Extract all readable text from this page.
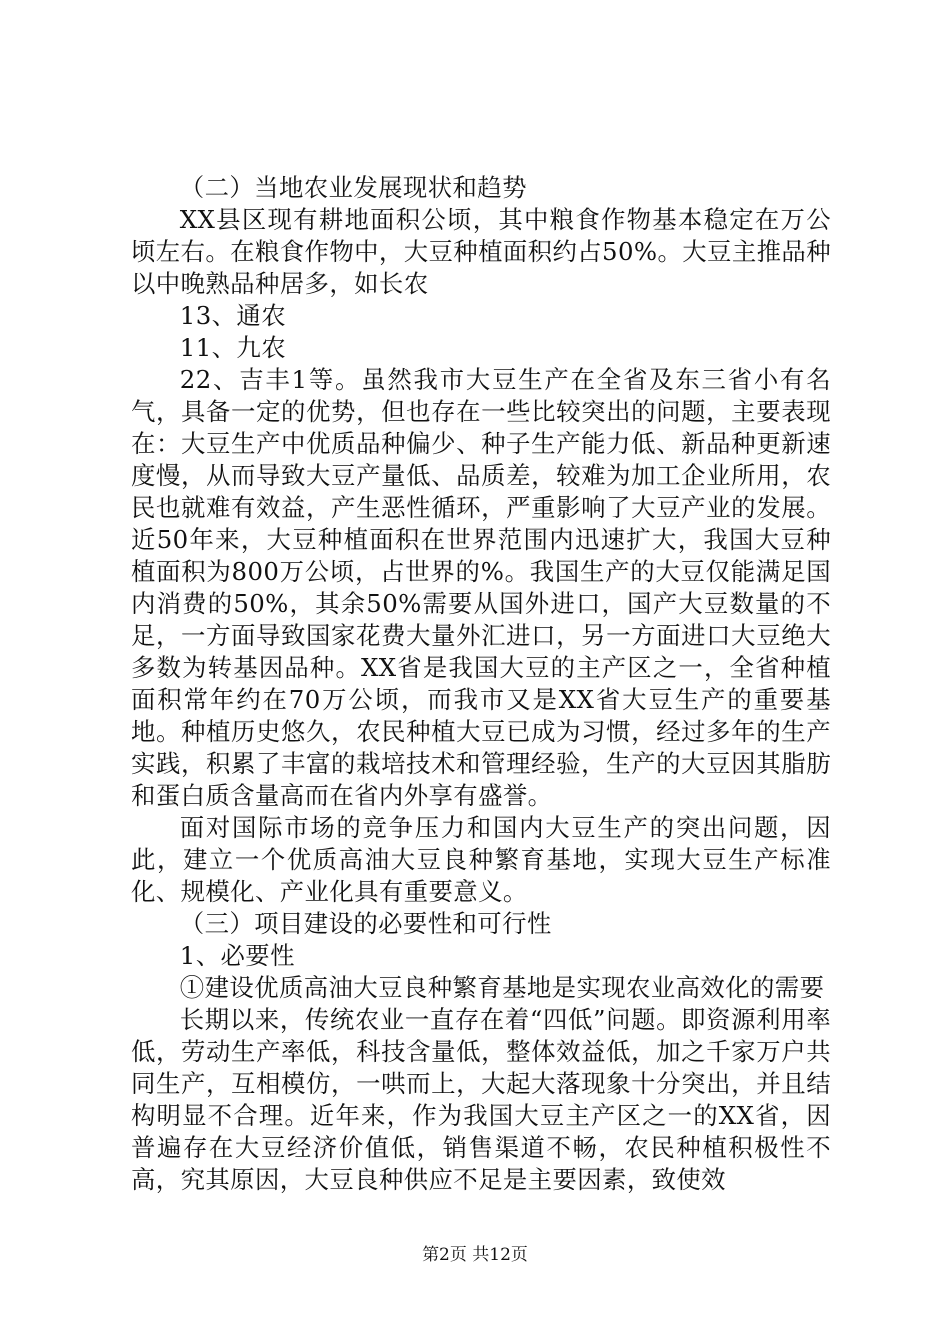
（二）当地农业发展现状和趋势

XX县区现有耕地面积公顷，其中粮食作物基本稳定在万公顷左右。在粮食作物中，大豆种植面积约占50%。大豆主推品种以中晚熟品种居多，如长农

13、通农

11、九农

22、吉丰1等。虽然我市大豆生产在全省及东三省小有名气，具备一定的优势，但也存在一些比较突出的问题，主要表现在：大豆生产中优质品种偏少、种子生产能力低、新品种更新速度慢，从而导致大豆产量低、品质差，较难为加工企业所用，农民也就难有效益，产生恶性循环，严重影响了大豆产业的发展。近50年来，大豆种植面积在世界范围内迅速扩大，我国大豆种植面积为800万公顷，占世界的%。我国生产的大豆仅能满足国内消费的50%，其余50%需要从国外进口，国产大豆数量的不足，一方面导致国家花费大量外汇进口，另一方面进口大豆绝大多数为转基因品种。XX省是我国大豆的主产区之一，全省种植面积常年约在70万公顷，而我市又是XX省大豆生产的重要基地。种植历史悠久，农民种植大豆已成为习惯，经过多年的生产实践，积累了丰富的栽培技术和管理经验，生产的大豆因其脂肪和蛋白质含量高而在省内外享有盛誉。

面对国际市场的竞争压力和国内大豆生产的突出问题，因此，建立一个优质高油大豆良种繁育基地，实现大豆生产标准化、规模化、产业化具有重要意义。

（三）项目建设的必要性和可行性

1、必要性

①建设优质高油大豆良种繁育基地是实现农业高效化的需要

长期以来，传统农业一直存在着“四低”问题。即资源利用率低，劳动生产率低，科技含量低，整体效益低，加之千家万户共同生产，互相模仿，一哄而上，大起大落现象十分突出，并且结构明显不合理。近年来，作为我国大豆主产区之一的XX省，因普遍存在大豆经济价值低，销售渠道不畅，农民种植积极性不高，究其原因，大豆良种供应不足是主要因素，致使效

第2页 共12页
